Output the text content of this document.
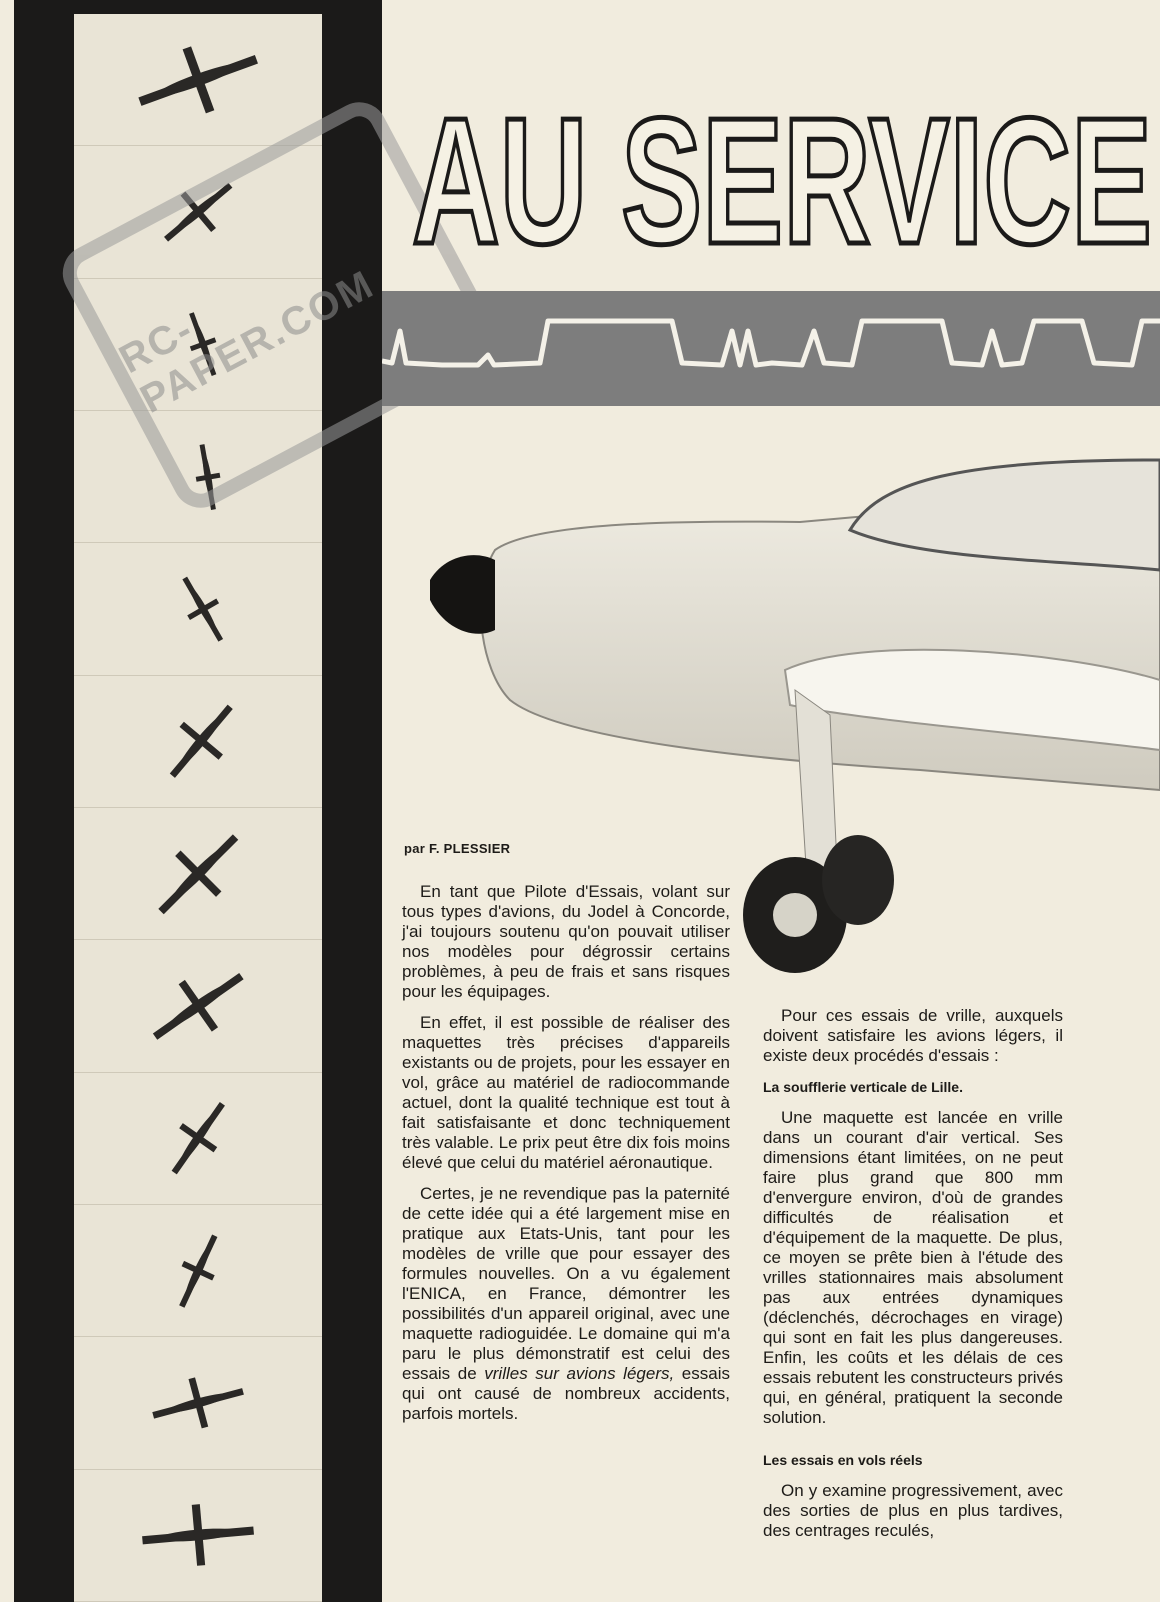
RC-PAPER.COM
AU SERVICE
par F. PLESSIER

En tant que Pilote d'Essais, volant sur tous types d'avions, du Jodel à Concorde, j'ai toujours soutenu qu'on pouvait utiliser nos modèles pour dégrossir certains problèmes, à peu de frais et sans risques pour les équipages.

En effet, il est possible de réaliser des maquettes très précises d'appareils existants ou de projets, pour les essayer en vol, grâce au matériel de radiocommande actuel, dont la qualité technique est tout à fait satisfaisante et donc techniquement très valable. Le prix peut être dix fois moins élevé que celui du matériel aéronautique.

Certes, je ne revendique pas la paternité de cette idée qui a été largement mise en pratique aux Etats-Unis, tant pour les modèles de vrille que pour essayer des formules nouvelles. On a vu également l'ENICA, en France, démontrer les possibilités d'un appareil original, avec une maquette radioguidée. Le domaine qui m'a paru le plus démonstratif est celui des essais de vrilles sur avions légers, essais qui ont causé de nombreux accidents, parfois mortels.

Pour ces essais de vrille, auxquels doivent satisfaire les avions légers, il existe deux procédés d'essais :

La soufflerie verticale de Lille.

Une maquette est lancée en vrille dans un courant d'air vertical. Ses dimensions étant limitées, on ne peut faire plus grand que 800 mm d'envergure environ, d'où de grandes difficultés de réalisation et d'équipement de la maquette. De plus, ce moyen se prête bien à l'étude des vrilles stationnaires mais absolument pas aux entrées dynamiques (déclenchés, décrochages en virage) qui sont en fait les plus dangereuses. Enfin, les coûts et les délais de ces essais rebutent les constructeurs privés qui, en général, pratiquent la seconde solution.

Les essais en vols réels

On y examine progressivement, avec des sorties de plus en plus tardives, des centrages reculés,
